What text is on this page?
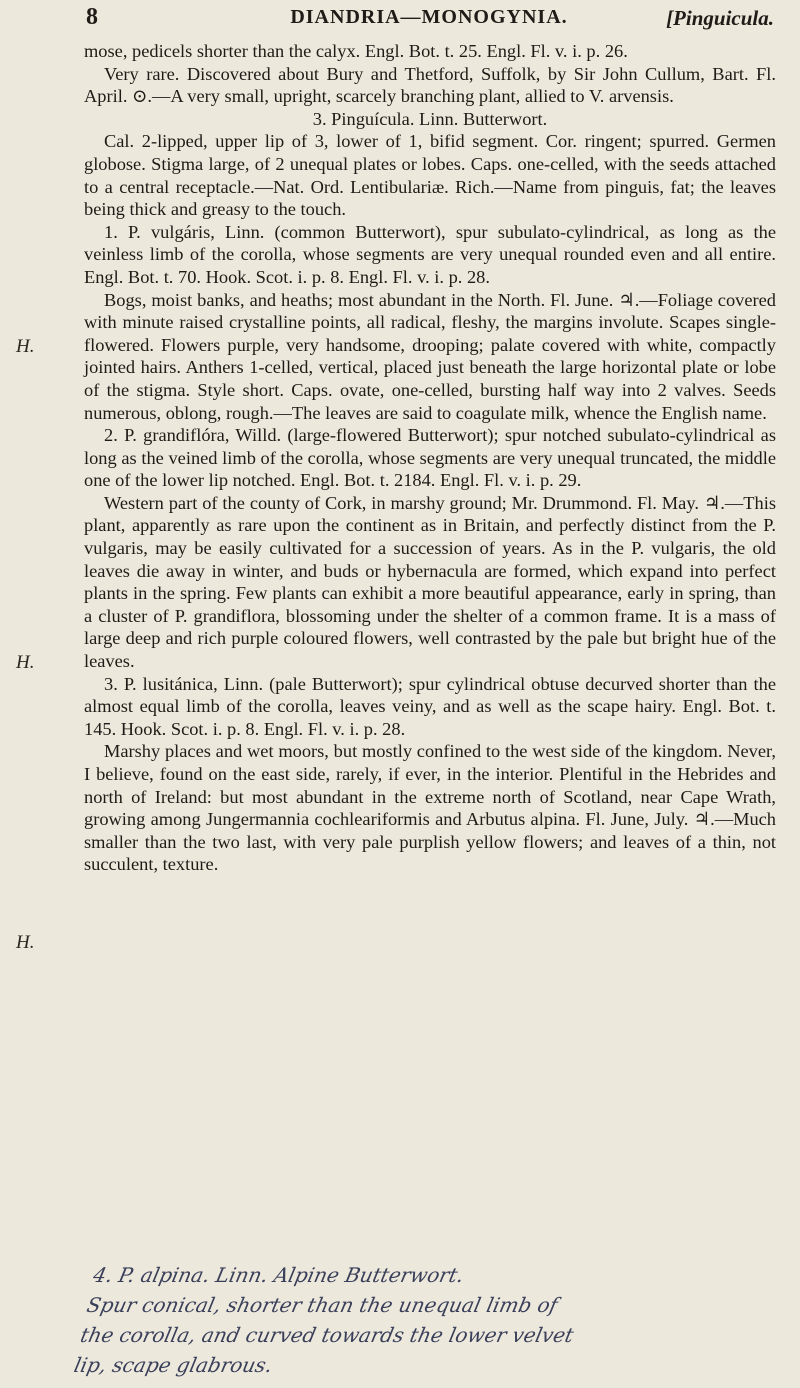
8	DIANDRIA—MONOGYNIA.	[Pinguicula.
H.
H.
H.

mose, pedicels shorter than the calyx. Engl. Bot. t. 25. Engl. Fl. v. i. p. 26.

Very rare. Discovered about Bury and Thetford, Suffolk, by Sir John Cullum, Bart. Fl. April. ⊙.—A very small, upright, scarcely branching plant, allied to V. arvensis.

3. Pinguícula. Linn. Butterwort.

Cal. 2-lipped, upper lip of 3, lower of 1, bifid segment. Cor. ringent; spurred. Germen globose. Stigma large, of 2 unequal plates or lobes. Caps. one-celled, with the seeds attached to a central receptacle.—Nat. Ord. Lentibulariæ. Rich.—Name from pinguis, fat; the leaves being thick and greasy to the touch.

1. P. vulgáris, Linn. (common Butterwort), spur subulato-cylindrical, as long as the veinless limb of the corolla, whose segments are very unequal rounded even and all entire. Engl. Bot. t. 70. Hook. Scot. i. p. 8. Engl. Fl. v. i. p. 28.

Bogs, moist banks, and heaths; most abundant in the North. Fl. June. ♃.—Foliage covered with minute raised crystalline points, all radical, fleshy, the margins involute. Scapes single-flowered. Flowers purple, very handsome, drooping; palate covered with white, compactly jointed hairs. Anthers 1-celled, vertical, placed just beneath the large horizontal plate or lobe of the stigma. Style short. Caps. ovate, one-celled, bursting half way into 2 valves. Seeds numerous, oblong, rough.—The leaves are said to coagulate milk, whence the English name.

2. P. grandiflóra, Willd. (large-flowered Butterwort); spur notched subulato-cylindrical as long as the veined limb of the corolla, whose segments are very unequal truncated, the middle one of the lower lip notched. Engl. Bot. t. 2184. Engl. Fl. v. i. p. 29.

Western part of the county of Cork, in marshy ground; Mr. Drummond. Fl. May. ♃.—This plant, apparently as rare upon the continent as in Britain, and perfectly distinct from the P. vulgaris, may be easily cultivated for a succession of years. As in the P. vulgaris, the old leaves die away in winter, and buds or hybernacula are formed, which expand into perfect plants in the spring. Few plants can exhibit a more beautiful appearance, early in spring, than a cluster of P. grandiflora, blossoming under the shelter of a common frame. It is a mass of large deep and rich purple coloured flowers, well contrasted by the pale but bright hue of the leaves.

3. P. lusitánica, Linn. (pale Butterwort); spur cylindrical obtuse decurved shorter than the almost equal limb of the corolla, leaves veiny, and as well as the scape hairy. Engl. Bot. t. 145. Hook. Scot. i. p. 8. Engl. Fl. v. i. p. 28.

Marshy places and wet moors, but mostly confined to the west side of the kingdom. Never, I believe, found on the east side, rarely, if ever, in the interior. Plentiful in the Hebrides and north of Ireland: but most abundant in the extreme north of Scotland, near Cape Wrath, growing among Jungermannia cochleariformis and Arbutus alpina. Fl. June, July. ♃.—Much smaller than the two last, with very pale purplish yellow flowers; and leaves of a thin, not succulent, texture.

4. P. alpina. Linn. Alpine Butterwort.

Spur conical, shorter than the unequal limb of

the corolla, and curved towards the lower velvet

lip, scape glabrous.
